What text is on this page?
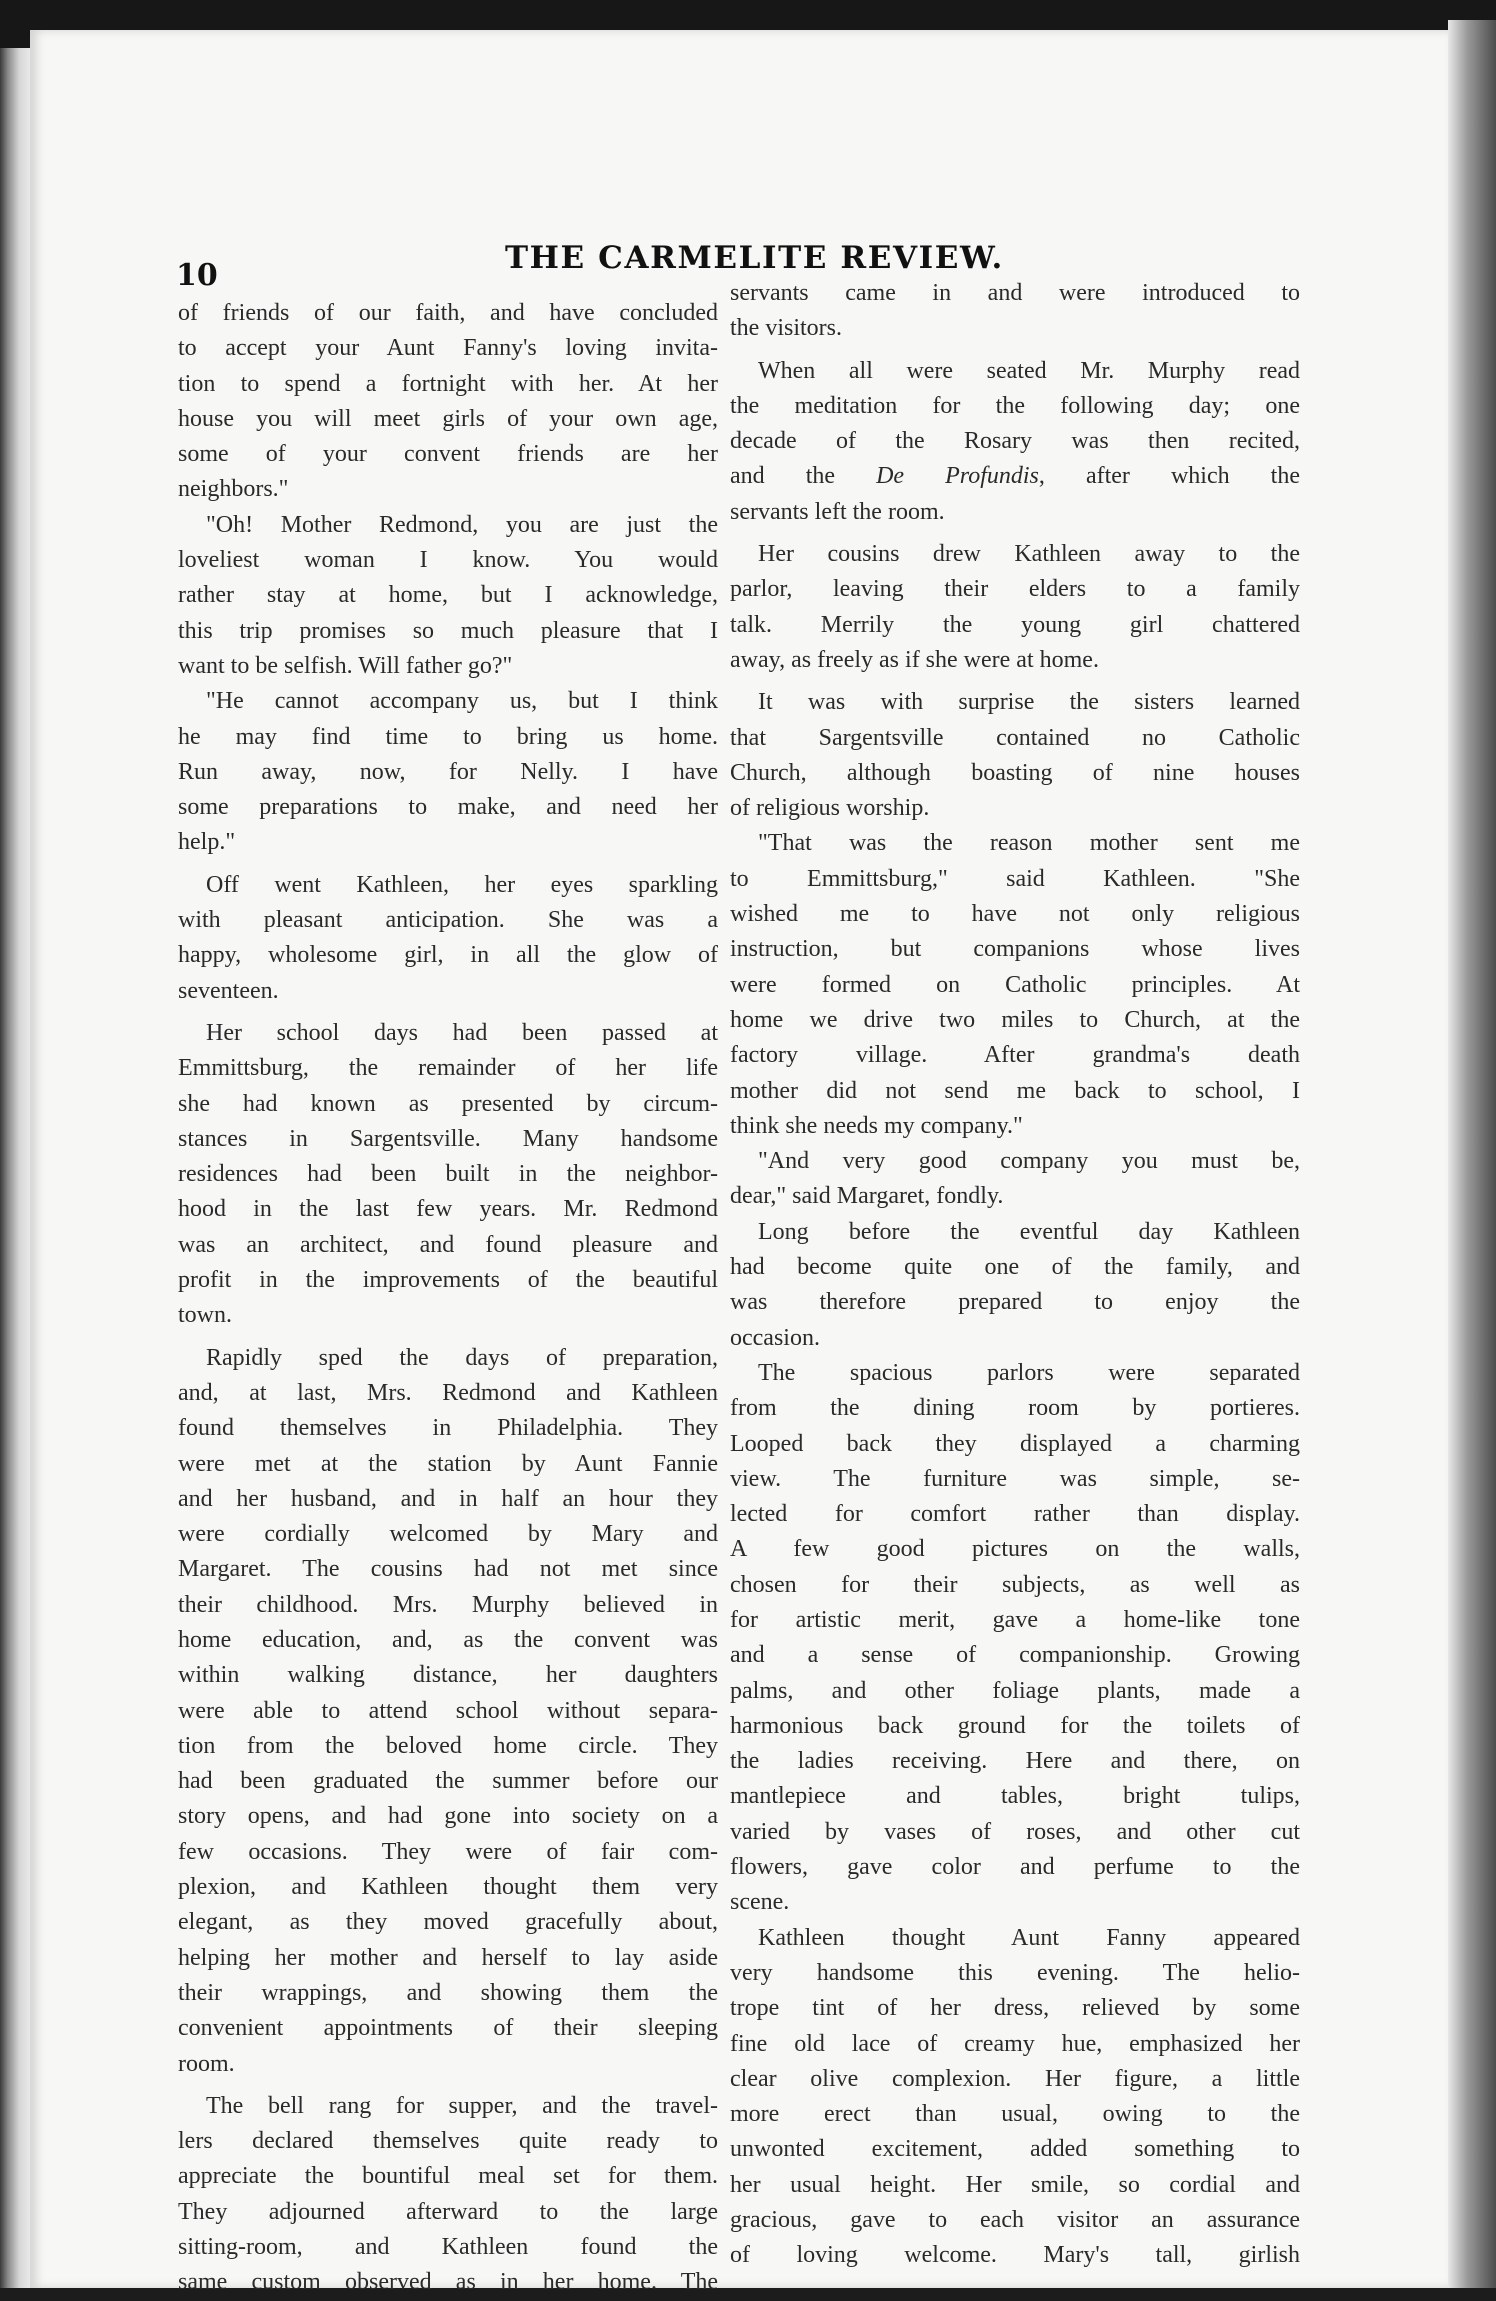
10	THE CARMELITE REVIEW.
of friends of our faith, and have concluded
to accept your Aunt Fanny's loving invita-
tion to spend a fortnight with her. At her
house you will meet girls of your own age,
some of your convent friends are her
neighbors."
"Oh! Mother Redmond, you are just the
loveliest woman I know. You would
rather stay at home, but I acknowledge,
this trip promises so much pleasure that I
want to be selfish. Will father go?"
"He cannot accompany us, but I think
he may find time to bring us home.
Run away, now, for Nelly. I have
some preparations to make, and need her
help."
Off went Kathleen, her eyes sparkling
with pleasant anticipation. She was a
happy, wholesome girl, in all the glow of
seventeen.
Her school days had been passed at
Emmittsburg, the remainder of her life
she had known as presented by circum-
stances in Sargentsville. Many handsome
residences had been built in the neighbor-
hood in the last few years. Mr. Redmond
was an architect, and found pleasure and
profit in the improvements of the beautiful
town.
Rapidly sped the days of preparation,
and, at last, Mrs. Redmond and Kathleen
found themselves in Philadelphia. They
were met at the station by Aunt Fannie
and her husband, and in half an hour they
were cordially welcomed by Mary and
Margaret. The cousins had not met since
their childhood. Mrs. Murphy believed in
home education, and, as the convent was
within walking distance, her daughters
were able to attend school without separa-
tion from the beloved home circle. They
had been graduated the summer before our
story opens, and had gone into society on a
few occasions. They were of fair com-
plexion, and Kathleen thought them very
elegant, as they moved gracefully about,
helping her mother and herself to lay aside
their wrappings, and showing them the
convenient appointments of their sleeping
room.
The bell rang for supper, and the travel-
lers declared themselves quite ready to
appreciate the bountiful meal set for them.
They adjourned afterward to the large
sitting-room, and Kathleen found the
same custom observed as in her home. The
servants came in and were introduced to
the visitors.
When all were seated Mr. Murphy read
the meditation for the following day; one
decade of the Rosary was then recited,
and the De Profundis, after which the
servants left the room.
Her cousins drew Kathleen away to the
parlor, leaving their elders to a family
talk. Merrily the young girl chattered
away, as freely as if she were at home.
It was with surprise the sisters learned
that Sargentsville contained no Catholic
Church, although boasting of nine houses
of religious worship.
"That was the reason mother sent me
to Emmittsburg," said Kathleen. "She
wished me to have not only religious
instruction, but companions whose lives
were formed on Catholic principles. At
home we drive two miles to Church, at the
factory village. After grandma's death
mother did not send me back to school, I
think she needs my company."
"And very good company you must be,
dear," said Margaret, fondly.
Long before the eventful day Kathleen
had become quite one of the family, and
was therefore prepared to enjoy the
occasion.
The spacious parlors were separated
from the dining room by portieres.
Looped back they displayed a charming
view. The furniture was simple, se-
lected for comfort rather than display.
A few good pictures on the walls,
chosen for their subjects, as well as
for artistic merit, gave a home-like tone
and a sense of companionship. Growing
palms, and other foliage plants, made a
harmonious back ground for the toilets of
the ladies receiving. Here and there, on
mantlepiece and tables, bright tulips,
varied by vases of roses, and other cut
flowers, gave color and perfume to the
scene.
Kathleen thought Aunt Fanny appeared
very handsome this evening. The helio-
trope tint of her dress, relieved by some
fine old lace of creamy hue, emphasized her
clear olive complexion. Her figure, a little
more erect than usual, owing to the
unwonted excitement, added something to
her usual height. Her smile, so cordial and
gracious, gave to each visitor an assurance
of loving welcome. Mary's tall, girlish
